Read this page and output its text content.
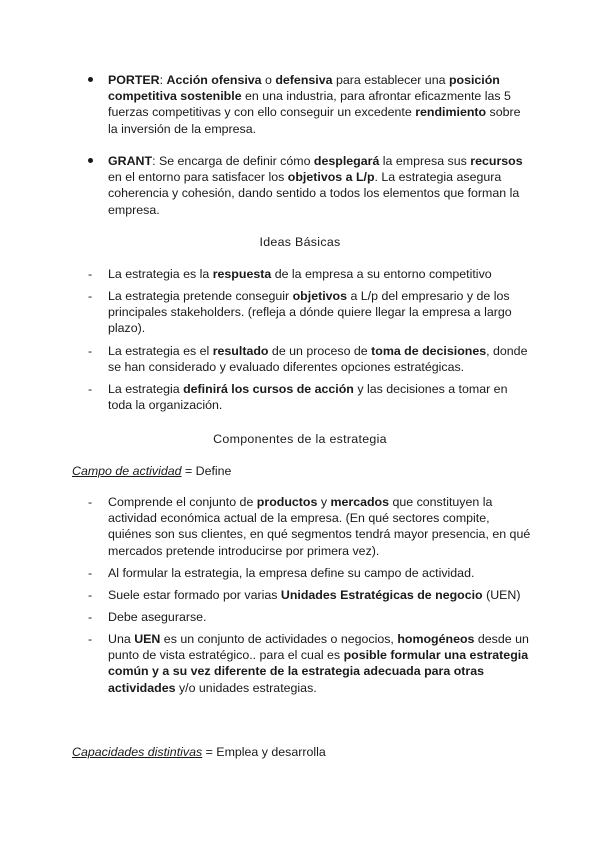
PORTER: Acción ofensiva o defensiva para establecer una posición competitiva sostenible en una industria, para afrontar eficazmente las 5 fuerzas competitivas y con ello conseguir un excedente rendimiento sobre la inversión de la empresa.
GRANT: Se encarga de definir cómo desplegará la empresa sus recursos en el entorno para satisfacer los objetivos a L/p. La estrategia asegura coherencia y cohesión, dando sentido a todos los elementos que forman la empresa.
Ideas Básicas
- La estrategia es la respuesta de la empresa a su entorno competitivo
- La estrategia pretende conseguir objetivos a L/p del empresario y de los principales stakeholders. (refleja a dónde quiere llegar la empresa a largo plazo).
- La estrategia es el resultado de un proceso de toma de decisiones, donde se han considerado y evaluado diferentes opciones estratégicas.
- La estrategia definirá los cursos de acción y las decisiones a tomar en toda la organización.
Componentes de la estrategia
Campo de actividad = Define
- Comprende el conjunto de productos y mercados que constituyen la actividad económica actual de la empresa. (En qué sectores compite, quiénes son sus clientes, en qué segmentos tendrá mayor presencia, en qué mercados pretende introducirse por primera vez).
- Al formular la estrategia, la empresa define su campo de actividad.
- Suele estar formado por varias Unidades Estratégicas de negocio (UEN)
- Debe asegurarse.
- Una UEN es un conjunto de actividades o negocios, homogéneos desde un punto de vista estratégico.. para el cual es posible formular una estrategia común y a su vez diferente de la estrategia adecuada para otras actividades y/o unidades estrategias.
Capacidades distintivas = Emplea y desarrolla
